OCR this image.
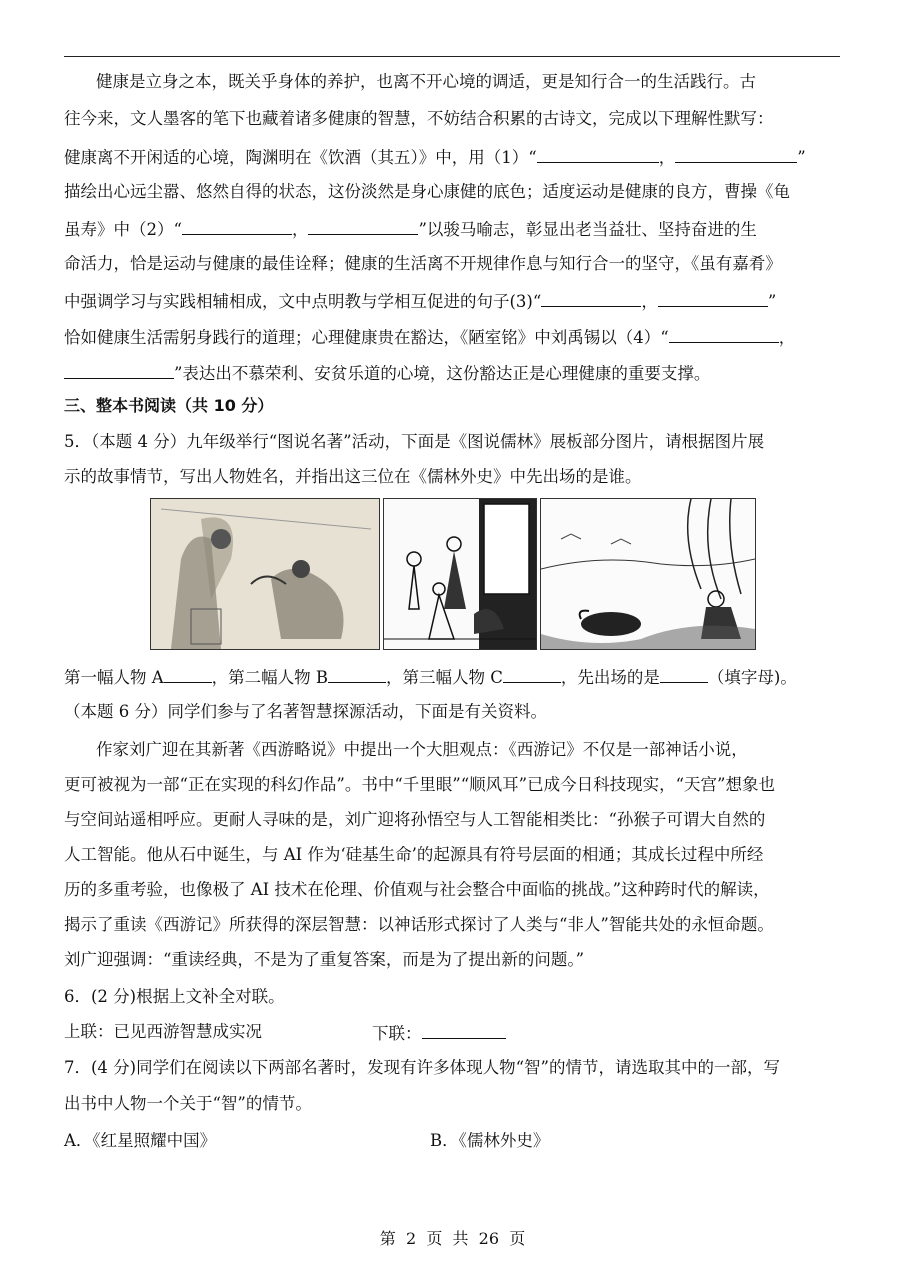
健康是立身之本，既关乎身体的养护，也离不开心境的调适，更是知行合一的生活践行。古
往今来，文人墨客的笔下也藏着诸多健康的智慧，不妨结合积累的古诗文，完成以下理解性默写：
健康离不开闲适的心境，陶渊明在《饮酒（其五）》中，用（1）“	，	”
描绘出心远尘嚣、悠然自得的状态，这份淡然是身心康健的底色；适度运动是健康的良方，曹操《龟
虽寿》中（2）“	，	”以骏马喻志，彰显出老当益壮、坚持奋进的生
命活力，恰是运动与健康的最佳诠释；健康的生活离不开规律作息与知行合一的坚守，《虽有嘉肴》
中强调学习与实践相辅相成，文中点明教与学相互促进的句子(3)“	，	”
恰如健康生活需躬身践行的道理；心理健康贵在豁达，《陋室铭》中刘禹锡以（4）“	，
”表达出不慕荣利、安贫乐道的心境，这份豁达正是心理健康的重要支撑。
三、整本书阅读（共 10 分）
5．（本题 4 分）九年级举行“图说名著”活动，下面是《图说儒林》展板部分图片，请根据图片展
示的故事情节，写出人物姓名，并指出这三位在《儒林外史》中先出场的是谁。
第一幅人物 A	，第二幅人物 B	，第三幅人物 C	，先出场的是	（填字母)。
（本题 6 分）同学们参与了名著智慧探源活动，下面是有关资料。
作家刘广迎在其新著《西游略说》中提出一个大胆观点：《西游记》不仅是一部神话小说，
更可被视为一部“正在实现的科幻作品”。书中“千里眼”“顺风耳”已成今日科技现实，“天宫”想象也
与空间站遥相呼应。更耐人寻味的是，刘广迎将孙悟空与人工智能相类比：“孙猴子可谓大自然的
人工智能。他从石中诞生，与 AI 作为‘硅基生命’的起源具有符号层面的相通；其成长过程中所经
历的多重考验，也像极了 AI 技术在伦理、价值观与社会整合中面临的挑战。”这种跨时代的解读，
揭示了重读《西游记》所获得的深层智慧：以神话形式探讨了人类与“非人”智能共处的永恒命题。
刘广迎强调：“重读经典，不是为了重复答案，而是为了提出新的问题。”
6．(2 分)根据上文补全对联。
上联：已见西游智慧成实况	下联：
7．(4 分)同学们在阅读以下两部名著时，发现有许多体现人物“智”的情节，请选取其中的一部，写
出书中人物一个关于“智”的情节。
A．《红星照耀中国》	B．《儒林外史》
第  2  页  共  26  页
